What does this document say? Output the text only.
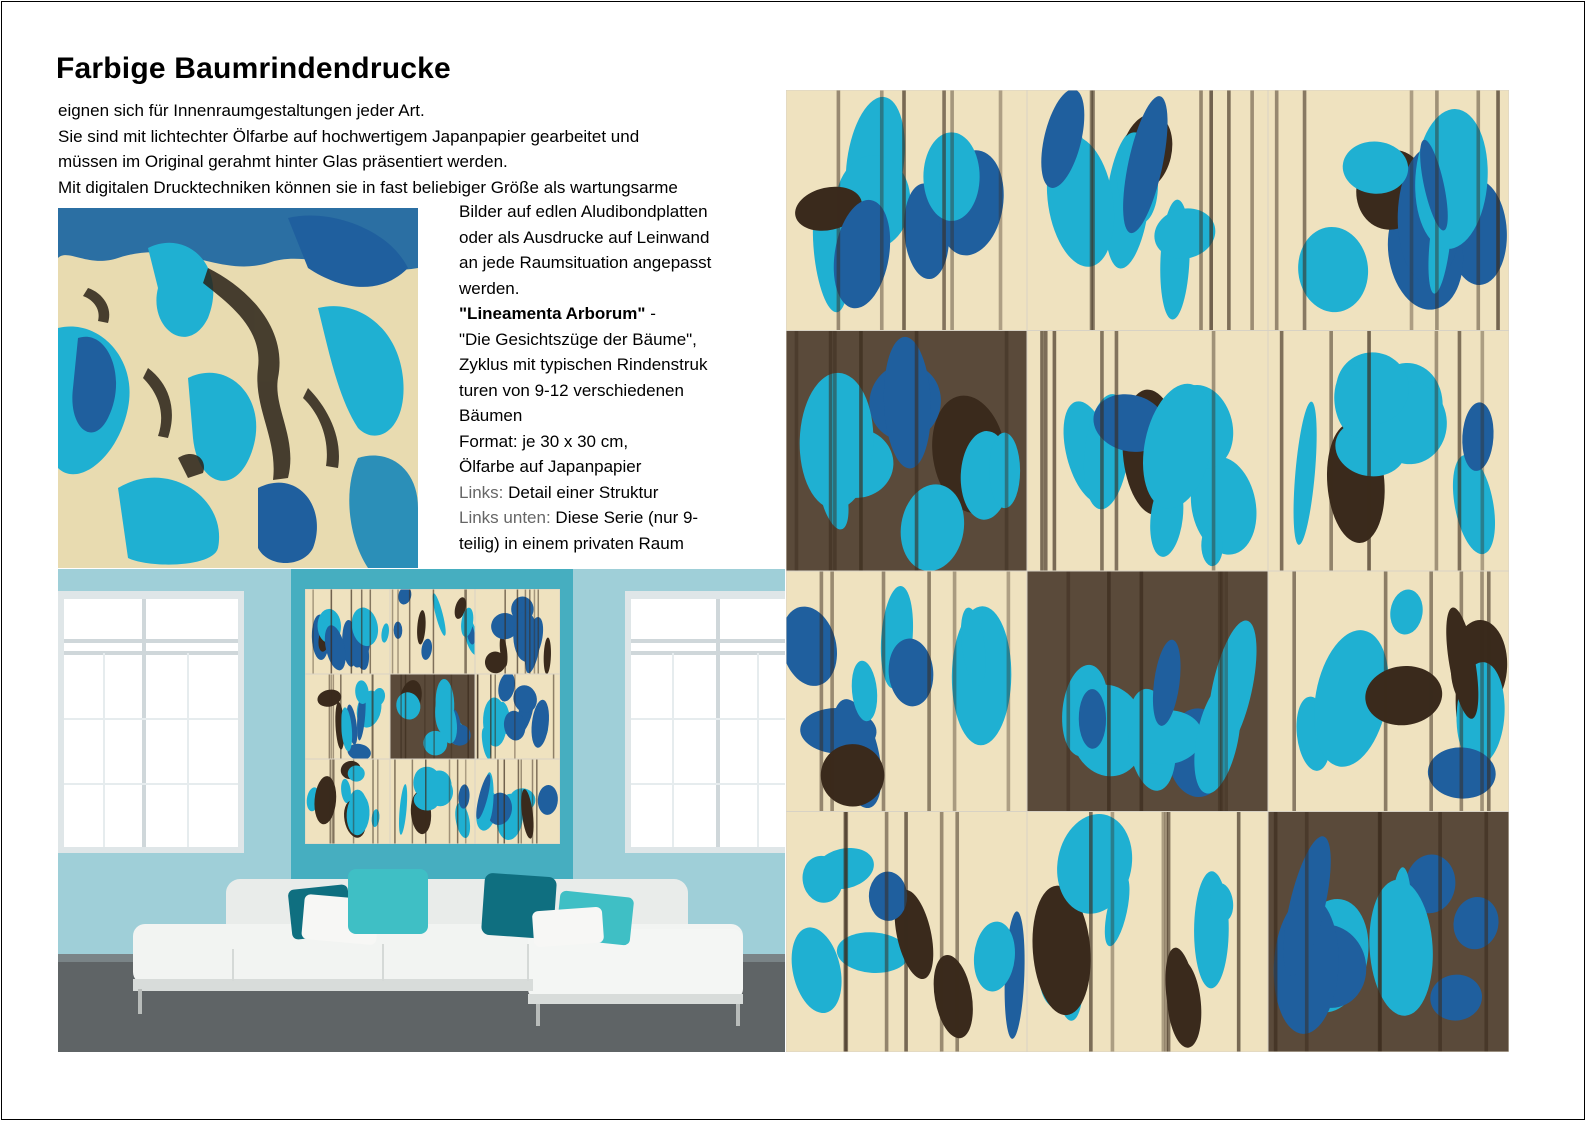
Farbige Baumrindendrucke
eignen sich für Innenraumgestaltungen jeder Art.
Sie sind mit lichtechter Ölfarbe auf hochwertigem Japanpapier gearbeitet und
müssen im Original gerahmt hinter Glas präsentiert werden.
Mit digitalen Drucktechniken können sie in fast beliebiger Größe als wartungsarme
Bilder auf edlen Aludibondplatten
oder als Ausdrucke auf Leinwand
an jede Raumsituation angepasst
werden.
"Lineamenta Arborum" -
"Die Gesichtszüge der Bäume",
Zyklus mit typischen Rindenstruk
turen von 9-12 verschiedenen
Bäumen
Format: je 30 x 30 cm,
Ölfarbe auf Japanpapier
Links: Detail einer Struktur
Links unten: Diese Serie (nur 9-
teilig) in einem privaten Raum
